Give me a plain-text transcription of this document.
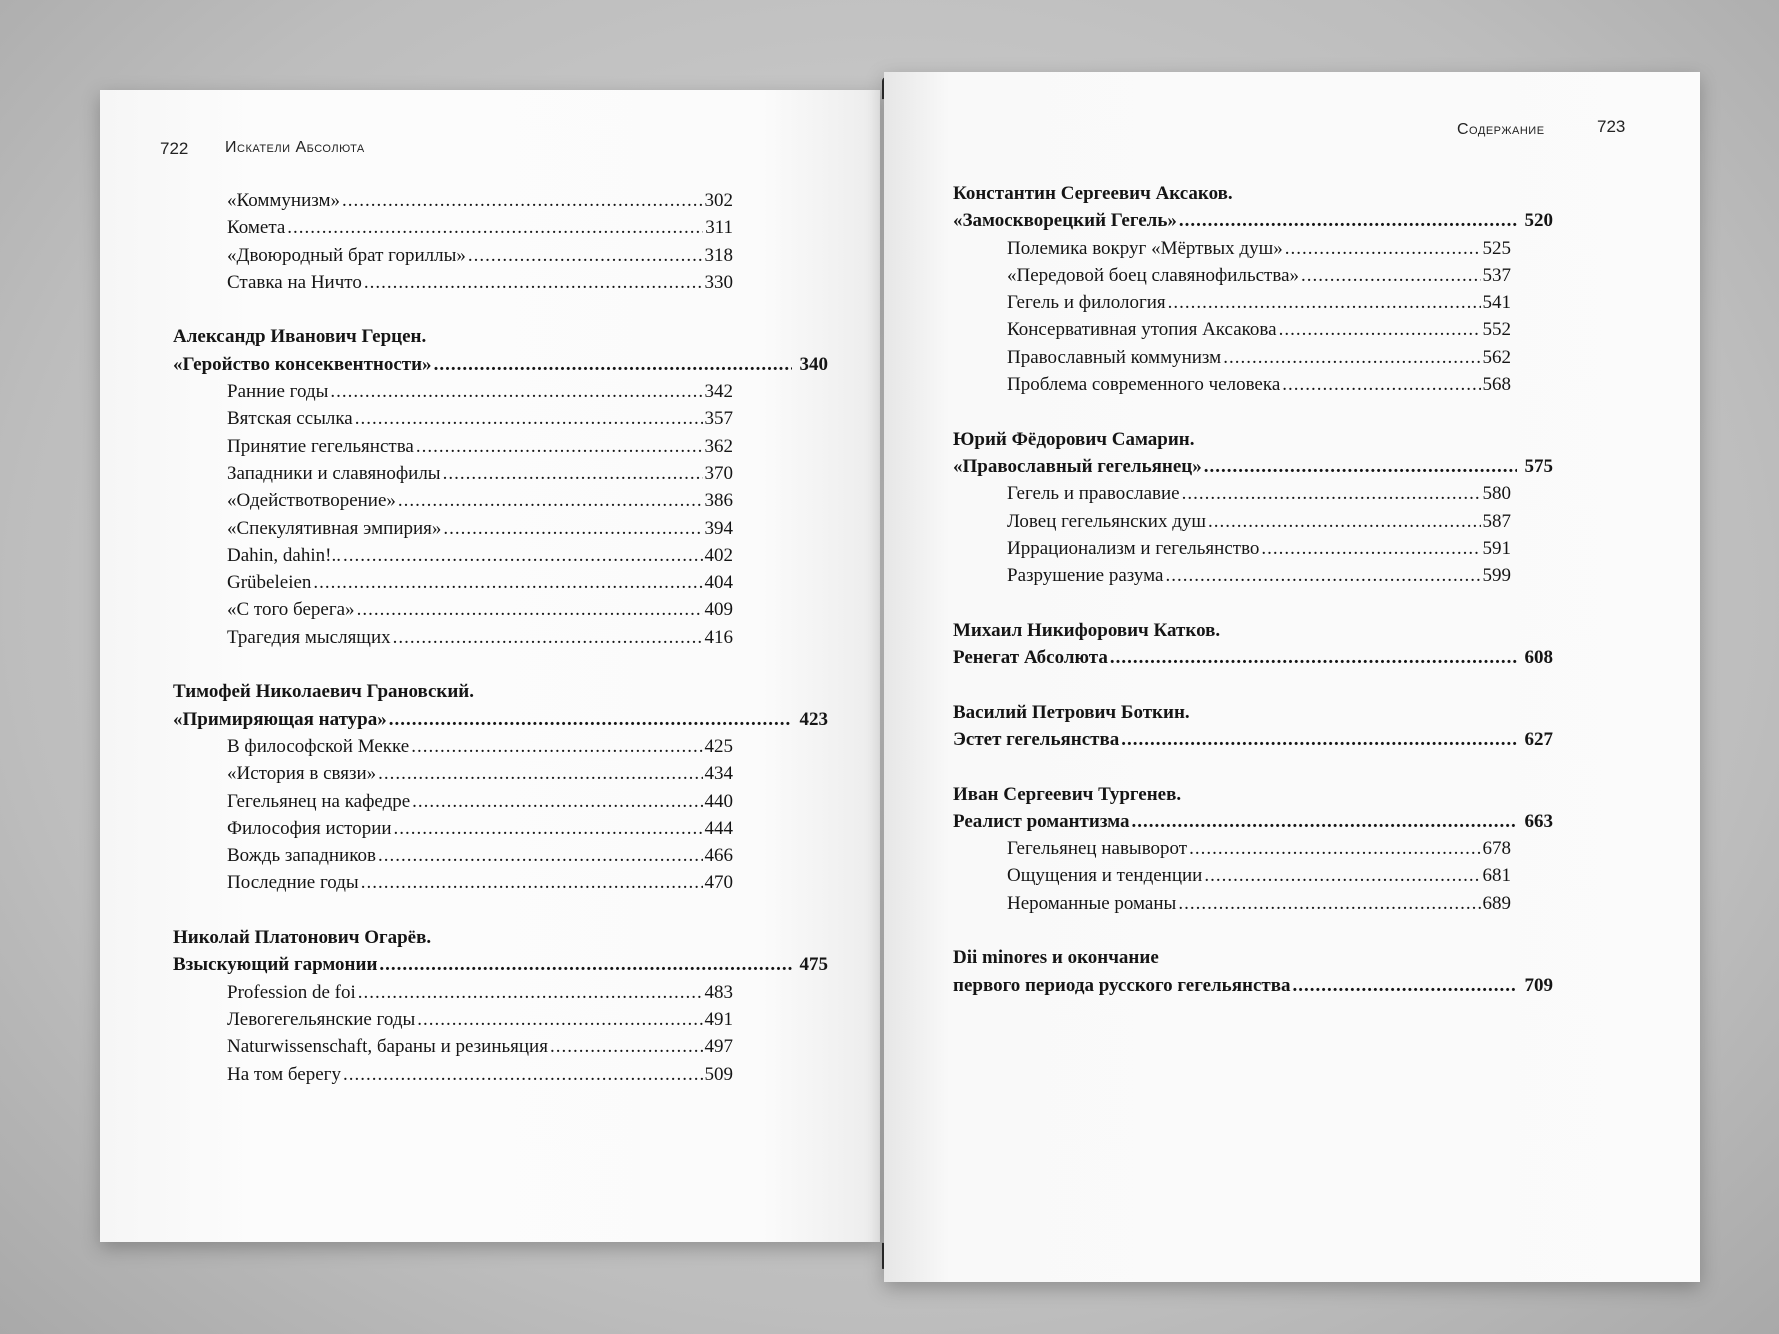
722 Искатели Абсолюта
Содержание	723
«Коммунизм» .....	302
Комета .....	311
«Двоюродный брат гориллы» .....	318
Ставка на Ничто .....	330
Александр Иванович Герцен.
«Геройство консеквентности» .....	340
Ранние годы .....	342
Вятская ссылка .....	357
Принятие гегельянства .....	362
Западники и славянофилы .....	370
«Одействотворение» .....	386
«Спекулятивная эмпирия» .....	394
Dahin, dahin!.. .....	402
Grübeleien .....	404
«С того берега» .....	409
Трагедия мыслящих .....	416
Тимофей Николаевич Грановский.
«Примиряющая натура» .....	423
В философской Мекке .....	425
«История в связи» .....	434
Гегельянец на кафедре .....	440
Философия истории .....	444
Вождь западников .....	466
Последние годы .....	470
Николай Платонович Огарёв.
Взыскующий гармонии .....	475
Profession de foi .....	483
Левогегельянские годы .....	491
Naturwissenschaft, бараны и резиньяция .....	497
На том берегу .....	509
Константин Сергеевич Аксаков.
«Замоскворецкий Гегель» .....	520
Полемика вокруг «Мёртвых душ» .....	525
«Передовой боец славянофильства» .....	537
Гегель и филология .....	541
Консервативная утопия Аксакова .....	552
Православный коммунизм .....	562
Проблема современного человека .....	568
Юрий Фёдорович Самарин.
«Православный гегельянец» .....	575
Гегель и православие .....	580
Ловец гегельянских душ .....	587
Иррационализм и гегельянство .....	591
Разрушение разума .....	599
Михаил Никифорович Катков.
Ренегат Абсолюта .....	608
Василий Петрович Боткин.
Эстет гегельянства .....	627
Иван Сергеевич Тургенев.
Реалист романтизма .....	663
Гегельянец навыворот .....	678
Ощущения и тенденции .....	681
Нероманные романы .....	689
Dii minores и окончание
первого периода русского гегельянства .....	709
